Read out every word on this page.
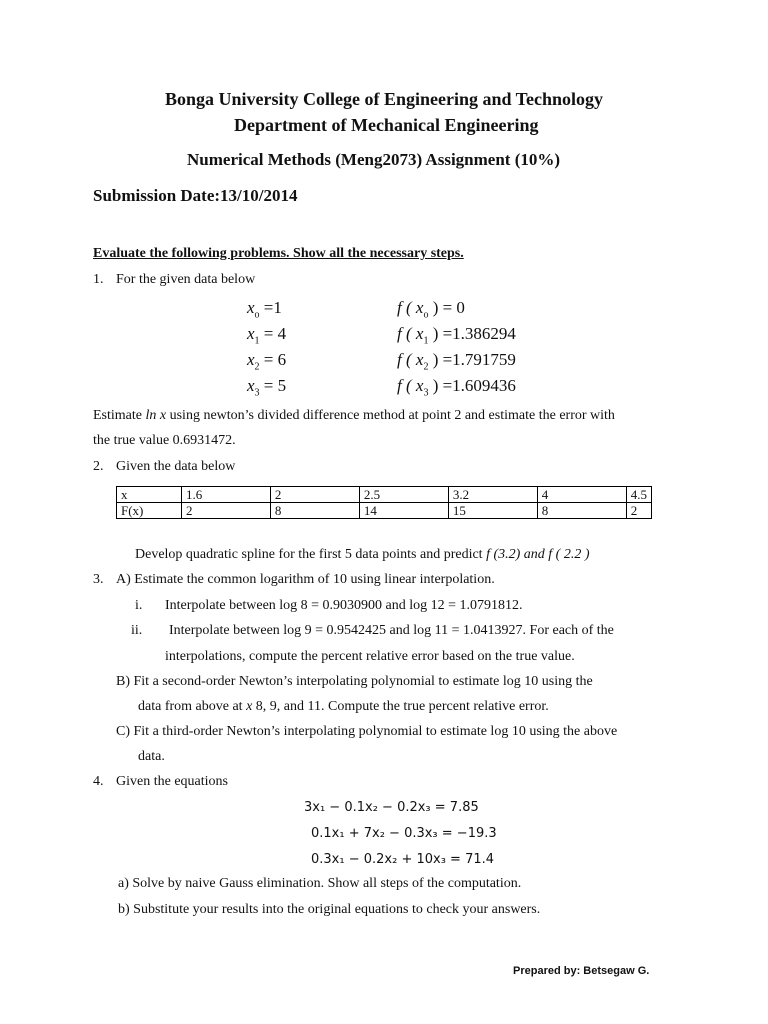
Bonga University College of Engineering and Technology
Department of Mechanical Engineering
Numerical Methods (Meng2073) Assignment (10%)
Submission Date:13/10/2014
Evaluate the following problems. Show all the necessary steps.
1. For the given data below
$x_o =1$	f ( $x_o$ ) = 0
$x_1 = 4$	f ( $x_1$ ) =1.386294
$x_2 = 6$	f ( $x_2$ ) =1.791759
$x_3 = 5$	f ( $x_3$ ) =1.609436
Estimate ln x using newton’s divided difference method at point 2 and estimate the error with
the true value 0.6931472.
2. Given the data below
x	1.6	2	2.5	3.2	4	4.5
F(x)	2	8	14	15	8	2
Develop quadratic spline for the first 5 data points and predict f (3.2) and f ( 2.2 )
3. A) Estimate the common logarithm of 10 using linear interpolation.
i. Interpolate between log 8 = 0.9030900 and log 12 = 1.0791812.
ii. Interpolate between log 9 = 0.9542425 and log 11 = 1.0413927. For each of the
interpolations, compute the percent relative error based on the true value.
B) Fit a second-order Newton’s interpolating polynomial to estimate log 10 using the
data from above at x 8, 9, and 11. Compute the true percent relative error.
C) Fit a third-order Newton’s interpolating polynomial to estimate log 10 using the above
data.
4. Given the equations
3x₁ − 0.1x₂ − 0.2x₃ = 7.85
0.1x₁ + 7x₂ − 0.3x₃ = −19.3
0.3x₁ − 0.2x₂ + 10x₃ = 71.4
a) Solve by naive Gauss elimination. Show all steps of the computation.
b) Substitute your results into the original equations to check your answers.
Prepared by: Betsegaw G.
